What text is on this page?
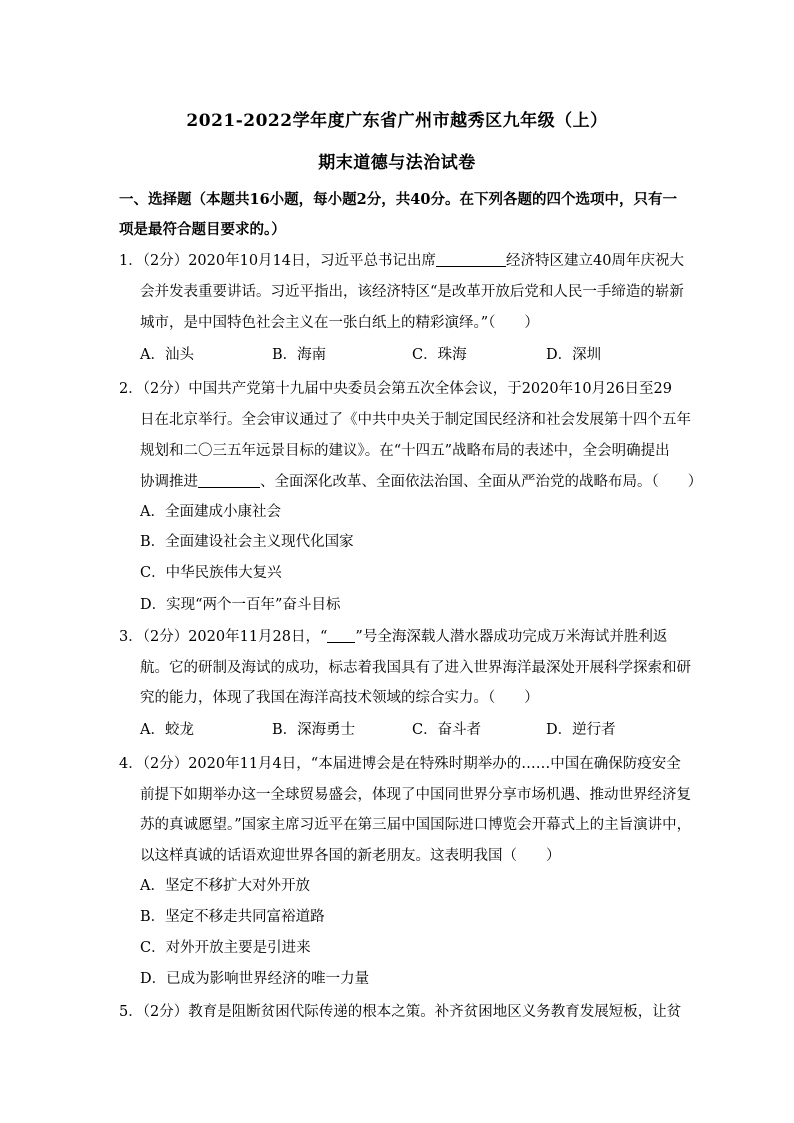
2021-2022学年度广东省广州市越秀区九年级（上）
期末道德与法治试卷
一、选择题（本题共16小题，每小题2分，共40分。在下列各题的四个选项中，只有一
项是最符合题目要求的。）
1．（2分）2020年10月14日，习近平总书记出席	经济特区建立40周年庆祝大
会并发表重要讲话。习近平指出，该经济特区“是改革开放后党和人民一手缔造的崭新
城市，是中国特色社会主义在一张白纸上的精彩演绎。”（　　）
A．汕头	B．海南	C．珠海	D．深圳
2．（2分）中国共产党第十九届中央委员会第五次全体会议，于2020年10月26日至29
日在北京举行。全会审议通过了《中共中央关于制定国民经济和社会发展第十四个五年
规划和二〇三五年远景目标的建议》。在“十四五”战略布局的表述中，全会明确提出
协调推进	、全面深化改革、全面依法治国、全面从严治党的战略布局。（　　）
A．全面建成小康社会
B．全面建设社会主义现代化国家
C．中华民族伟大复兴
D．实现“两个一百年”奋斗目标
3．（2分）2020年11月28日，“ ”号全海深载人潜水器成功完成万米海试并胜利返
航。它的研制及海试的成功，标志着我国具有了进入世界海洋最深处开展科学探索和研
究的能力，体现了我国在海洋高技术领域的综合实力。（　　）
A．蛟龙	B．深海勇士	C．奋斗者	D．逆行者
4．（2分）2020年11月4日，“本届进博会是在特殊时期举办的……中国在确保防疫安全
前提下如期举办这一全球贸易盛会，体现了中国同世界分享市场机遇、推动世界经济复
苏的真诚愿望。”国家主席习近平在第三届中国国际进口博览会开幕式上的主旨演讲中，
以这样真诚的话语欢迎世界各国的新老朋友。这表明我国（　　）
A．坚定不移扩大对外开放
B．坚定不移走共同富裕道路
C．对外开放主要是引进来
D．已成为影响世界经济的唯一力量
5．（2分）教育是阻断贫困代际传递的根本之策。补齐贫困地区义务教育发展短板，让贫
